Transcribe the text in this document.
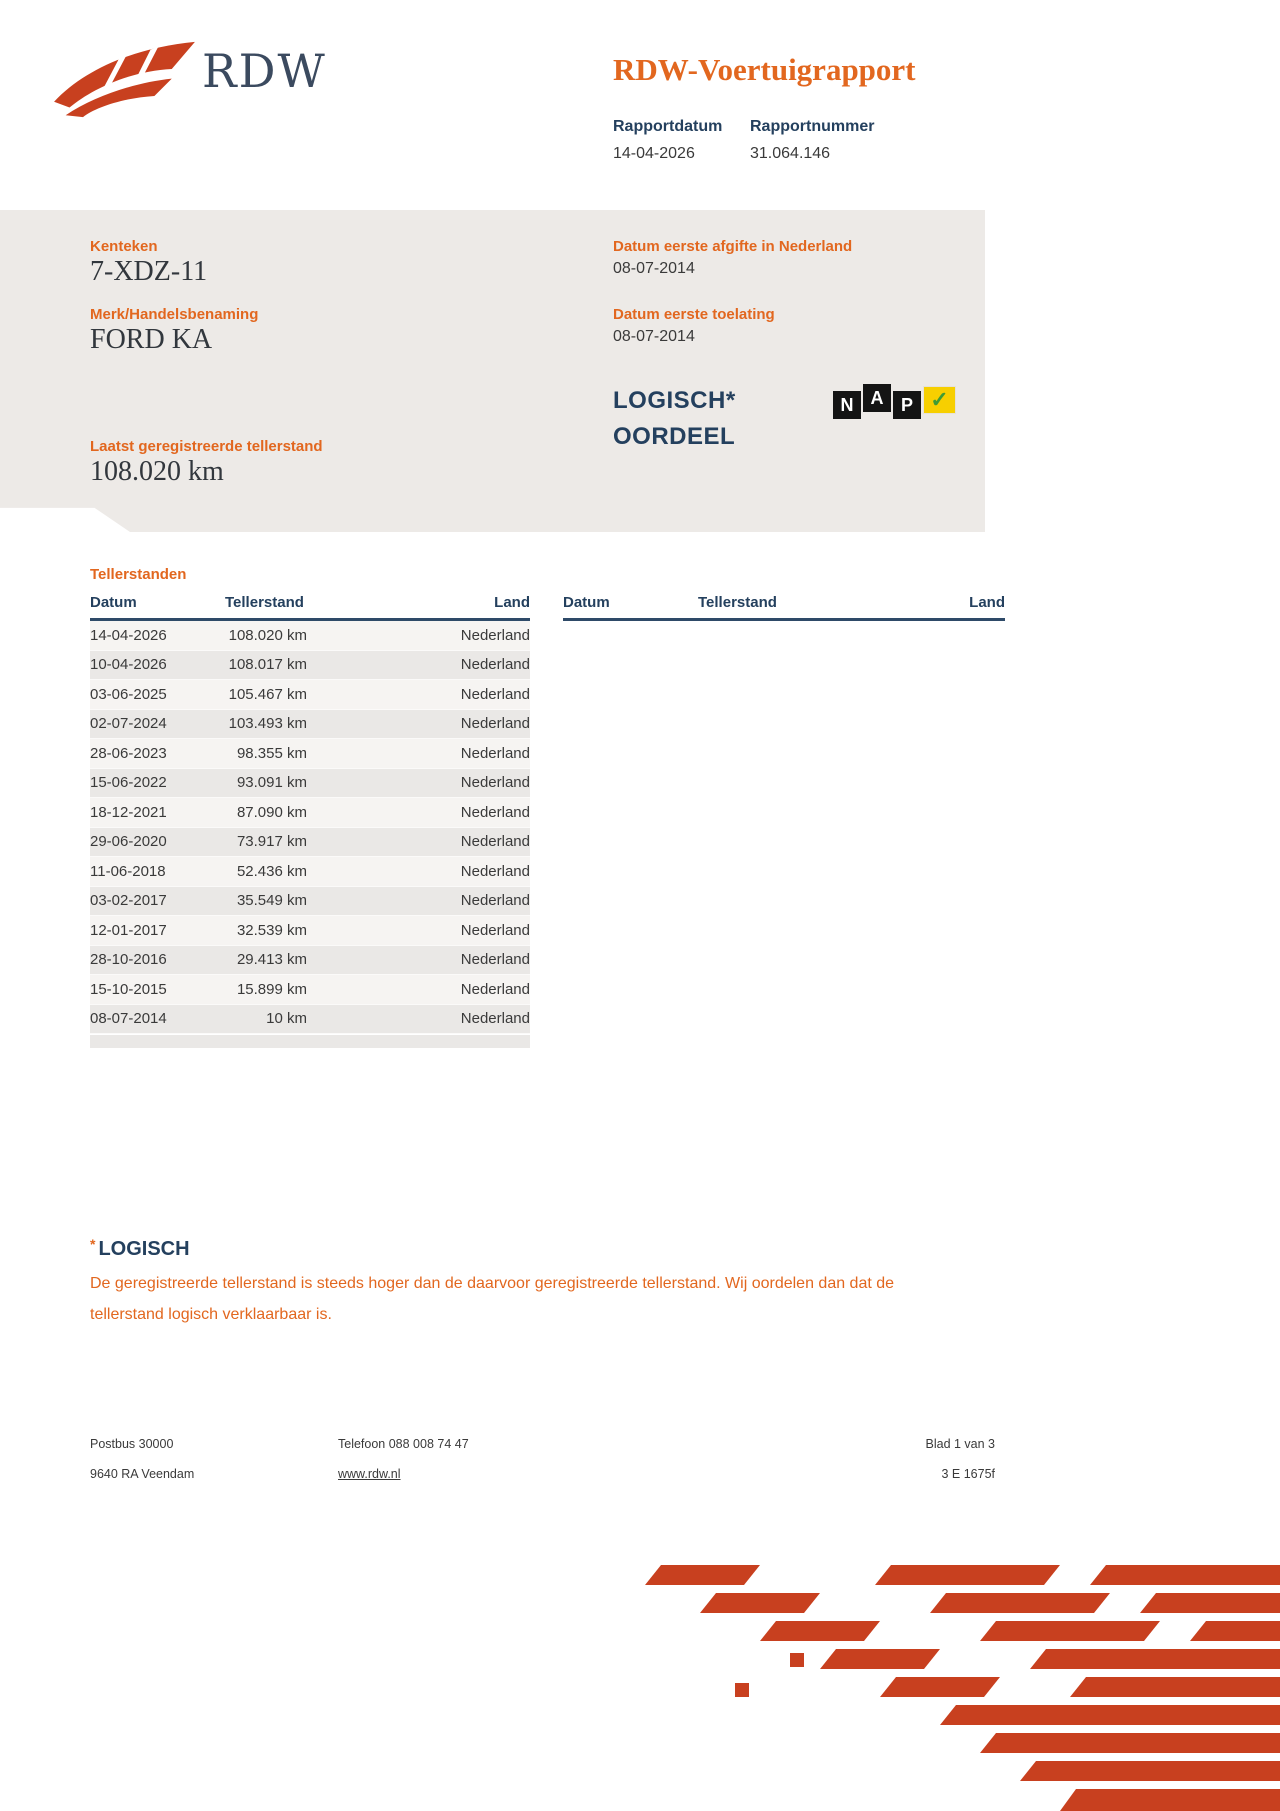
RDW	RDW-Voertuigrapport
Rapportdatum
14-04-2026
Rapportnummer
31.064.146
Kenteken
7-XDZ-11
Merk/Handelsbenaming
FORD KA
Datum eerste afgifte in Nederland
08-07-2014
Datum eerste toelating
08-07-2014
LOGISCH*
OORDEEL
N A P ✓
Laatst geregistreerde tellerstand
108.020 km
Tellerstanden
Datum	Tellerstand	Land
14-04-2026	108.020 km	Nederland
10-04-2026	108.017 km	Nederland
03-06-2025	105.467 km	Nederland
02-07-2024	103.493 km	Nederland
28-06-2023	98.355 km	Nederland
15-06-2022	93.091 km	Nederland
18-12-2021	87.090 km	Nederland
29-06-2020	73.917 km	Nederland
11-06-2018	52.436 km	Nederland
03-02-2017	35.549 km	Nederland
12-01-2017	32.539 km	Nederland
28-10-2016	29.413 km	Nederland
15-10-2015	15.899 km	Nederland
08-07-2014	10 km	Nederland
Datum	Tellerstand	Land
* LOGISCH
De geregistreerde tellerstand is steeds hoger dan de daarvoor geregistreerde tellerstand. Wij oordelen dan dat de tellerstand logisch verklaarbaar is.
Postbus 30000
9640 RA Veendam
Telefoon 088 008 74 47
www.rdw.nl
Blad 1 van 3
3 E 1675f
